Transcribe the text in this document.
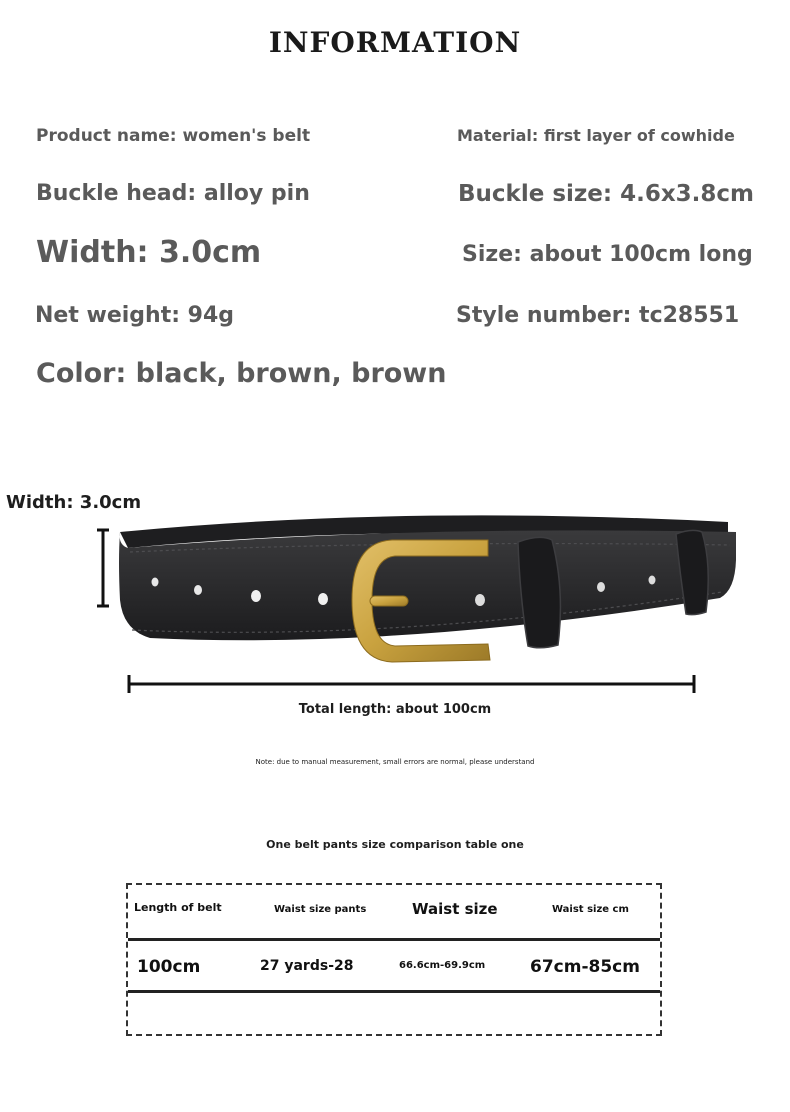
INFORMATION
Product name: women's belt	Material: first layer of cowhide
Buckle head: alloy pin	Buckle size: 4.6x3.8cm
Width: 3.0cm	Size: about 100cm long
Net weight: 94g	Style number: tc28551
Color: black, brown, brown
Width: 3.0cm
Total length: about 100cm
Note: due to manual measurement, small errors are normal, please understand
One belt pants size comparison table one
Length of belt	Waist size pants	Waist size	Waist size cm
100cm	27 yards-28	66.6cm-69.9cm	67cm-85cm
